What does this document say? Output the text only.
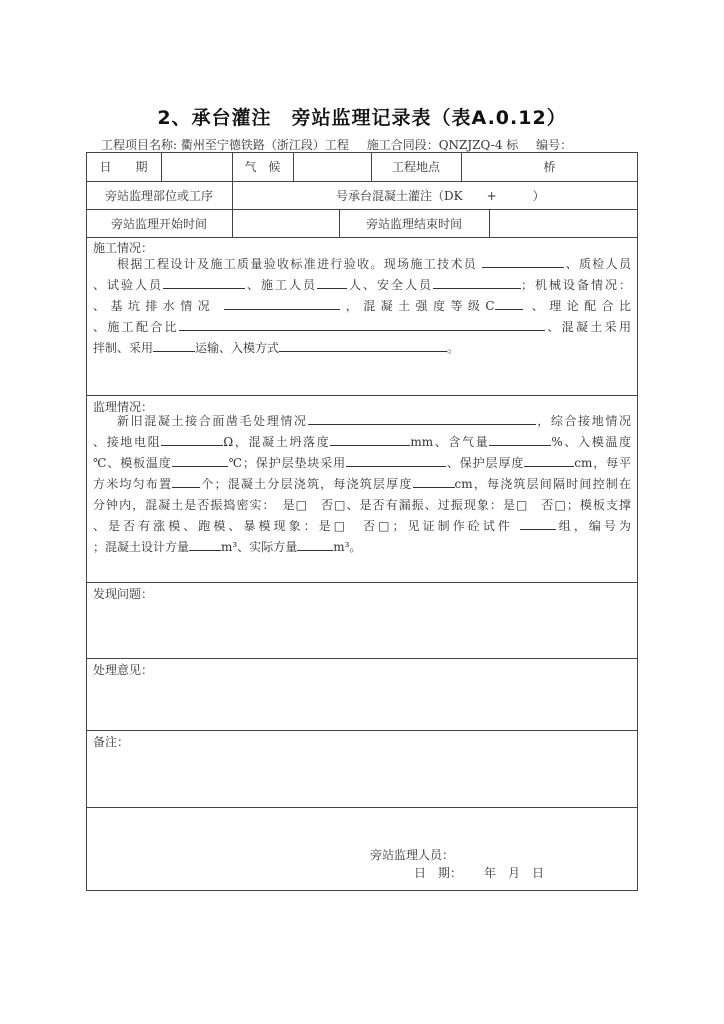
2、承台灌注　旁站监理记录表（表A.0.12）
工程项目名称: 衢州至宁德铁路（浙江段）工程 施工合同段：QNZJZQ-4 标 编号：
日　　期	气　候	工程地点	桥
旁站监理部位或工序	号承台混凝土灌注（DK　　+　　　）
旁站监理开始时间	旁站监理结束时间
施工情况：
根据工程设计及施工质量验收标准进行验收。现场施工技术员	、质检人员
、试验人员	、施工人员	人、安全人员	；机械设备情况：
、基坑排水情况	，混凝土强度等级C	、理论配合比
、施工配合比	、混凝土采用
拌制、采用	运输、入模方式	。
监理情况：
新旧混凝土接合面凿毛处理情况	，综合接地情况
、接地电阻	Ω，混凝土坍落度	mm、含气量	%、入模温度
℃、模板温度	℃；保护层垫块采用	、保护层厚度	cm，每平
方米均匀布置 个；混凝土分层浇筑，每浇筑层厚度	cm，每浇筑层间隔时间控制在
分钟内，混凝土是否振捣密实：　是□　否□、是否有漏振、过振现象：是□　否□；模板支撑
、是否有涨模、跑模、暴模现象：是□　否□；见证制作砼试件	组，编号为
；混凝土设计方量	m³、实际方量	m³。
发现问题：
处理意见：
备注：
旁站监理人员：
日　期： 年　月　日
